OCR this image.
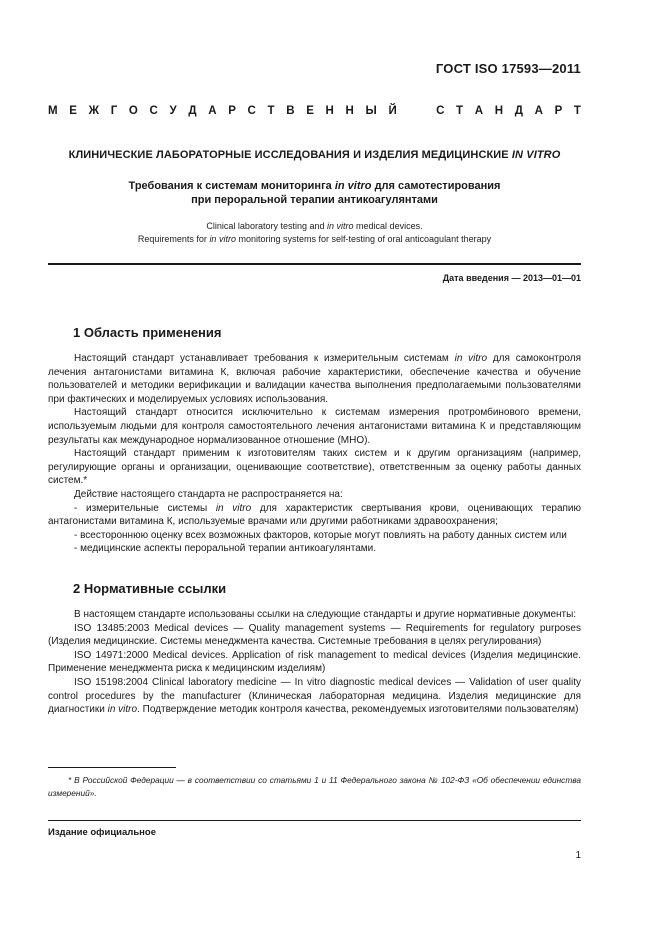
ГОСТ ISO 17593—2011
М Е Ж Г О С У Д А Р С Т В Е Н Н Ы Й	С Т А Н Д А Р Т
КЛИНИЧЕСКИЕ ЛАБОРАТОРНЫЕ ИССЛЕДОВАНИЯ И ИЗДЕЛИЯ МЕДИЦИНСКИЕ IN VITRO
Требования к системам мониторинга in vitro для самотестирования
при пероральной терапии антикоагулянтами
Clinical laboratory testing and in vitro medical devices.
Requirements for in vitro monitoring systems for self-testing of oral anticoagulant therapy
Дата введения — 2013—01—01
1 Область применения

Настоящий стандарт устанавливает требования к измерительным системам in vitro для самоконтроля лечения антагонистами витамина К, включая рабочие характеристики, обеспечение качества и обучение пользователей и методики верификации и валидации качества выполнения предполагаемыми пользователями при фактических и моделируемых условиях использования.

Настоящий стандарт относится исключительно к системам измерения протромбинового времени, используемым людьми для контроля самостоятельного лечения антагонистами витамина К и представляющим результаты как международное нормализованное отношение (МНО).

Настоящий стандарт применим к изготовителям таких систем и к другим организациям (например, регулирующие органы и организации, оценивающие соответствие), ответственным за оценку работы данных систем.*

Действие настоящего стандарта не распространяется на:

- измерительные системы in vitro для характеристик свертывания крови, оценивающих терапию антагонистами витамина К, используемые врачами или другими работниками здравоохранения;

- всестороннюю оценку всех возможных факторов, которые могут повлиять на работу данных систем или

- медицинские аспекты пероральной терапии антикоагулянтами.

2 Нормативные ссылки

В настоящем стандарте использованы ссылки на следующие стандарты и другие нормативные документы:

ISO 13485:2003 Medical devices — Quality management systems — Requirements for regulatory purposes (Изделия медицинские. Системы менеджмента качества. Системные требования в целях регулирования)

ISO 14971:2000 Medical devices. Application of risk management to medical devices (Изделия медицинские. Применение менеджмента риска к медицинским изделиям)

ISO 15198:2004 Clinical laboratory medicine — In vitro diagnostic medical devices — Validation of user quality control procedures by the manufacturer (Клиническая лабораторная медицина. Изделия медицинские для диагностики in vitro. Подтверждение методик контроля качества, рекомендуемых изготовителями пользователям)

* В Российской Федерации — в соответствии со статьями 1 и 11 Федерального закона № 102-ФЗ «Об обеспечении единства измерений».

Издание официальное
1
